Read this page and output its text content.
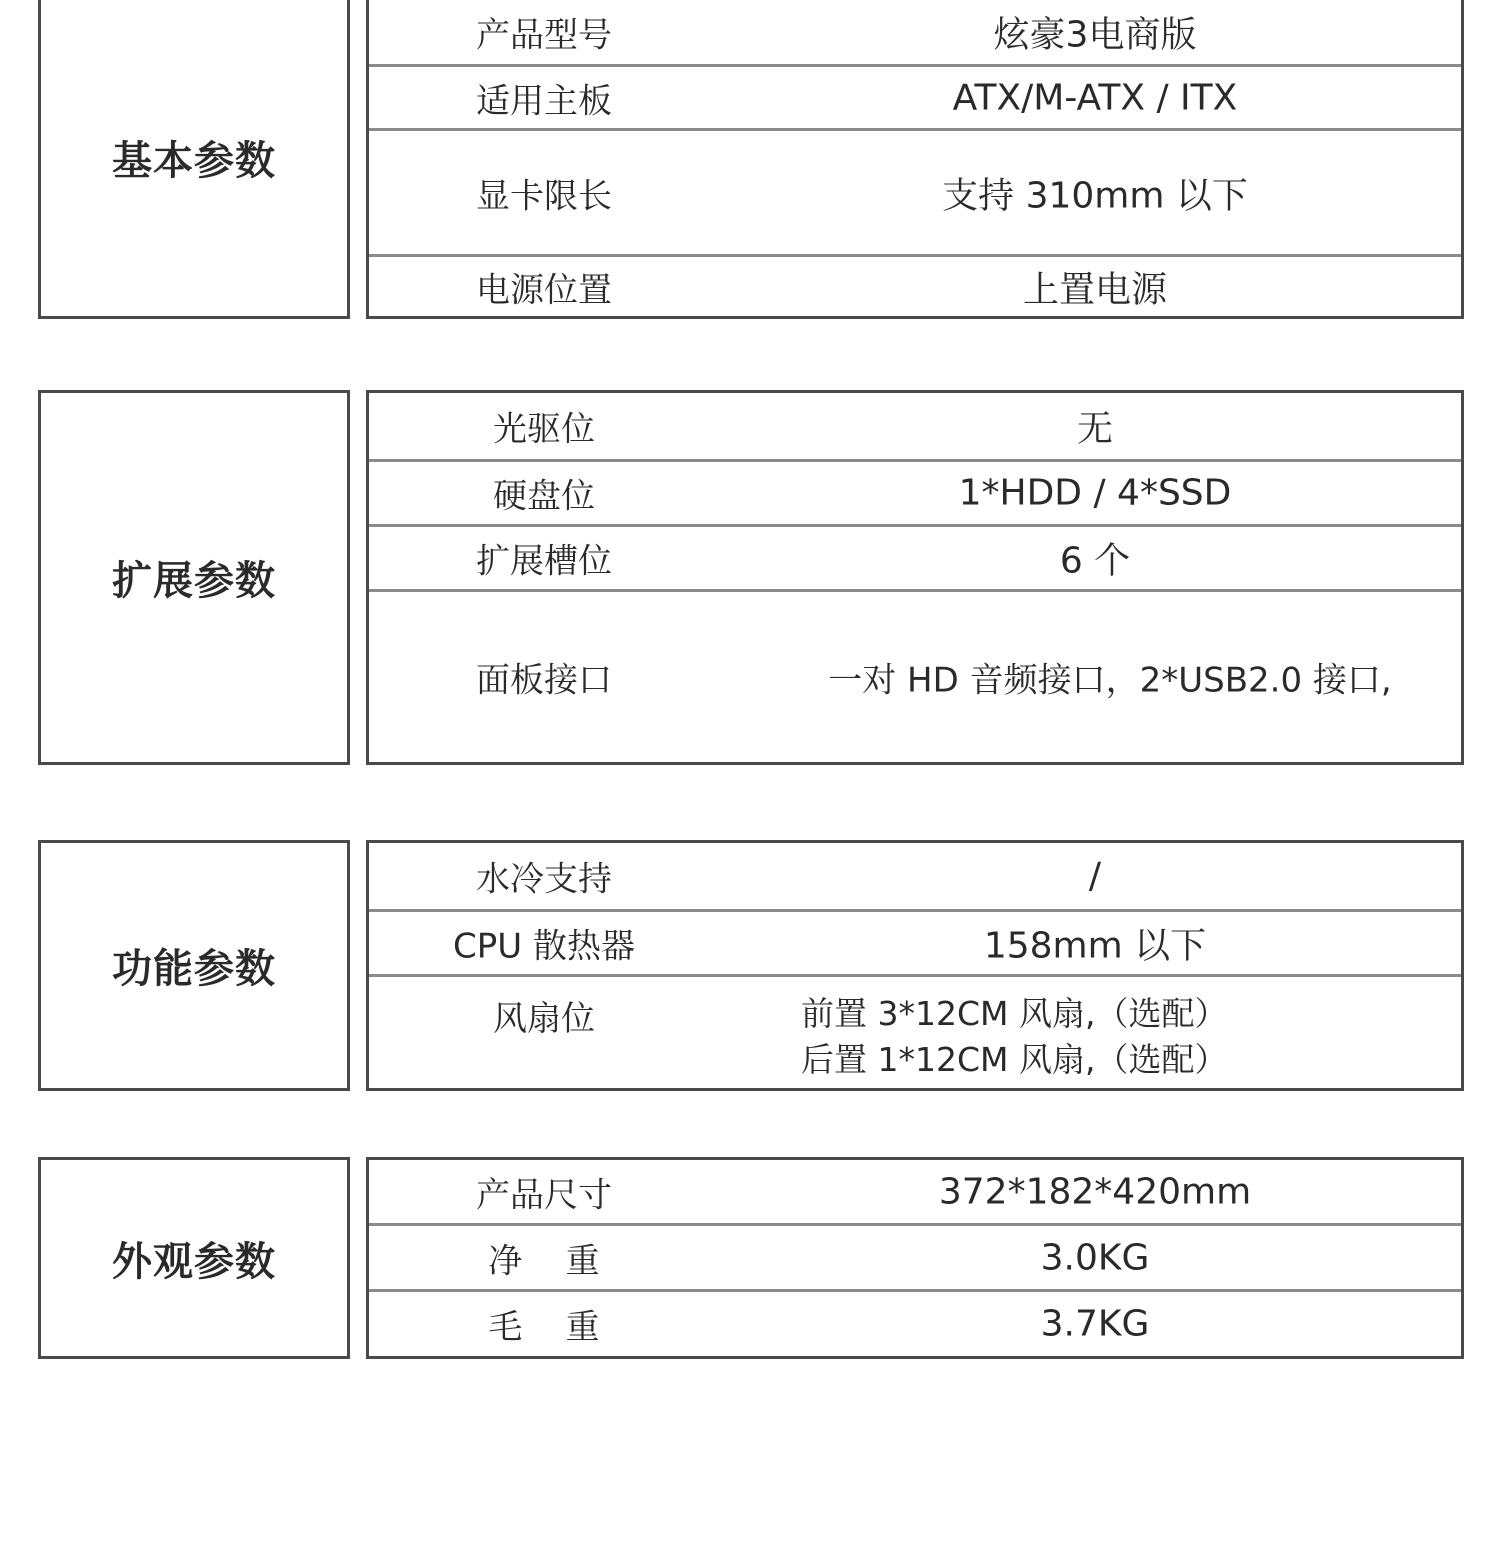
基本参数
产品型号	炫豪3电商版
适用主板	ATX/M-ATX / ITX
显卡限长	支持 310mm 以下
电源位置	上置电源
扩展参数
光驱位	无
硬盘位	1*HDD / 4*SSD
扩展槽位	6 个
面板接口	一对 HD 音频接口，2*USB2.0 接口,
功能参数
水冷支持	/
CPU 散热器	158mm 以下
风扇位	前置 3*12CM 风扇,（选配）
后置 1*12CM 风扇,（选配）
外观参数
产品尺寸	372*182*420mm
净    重	3.0KG
毛    重	3.7KG
